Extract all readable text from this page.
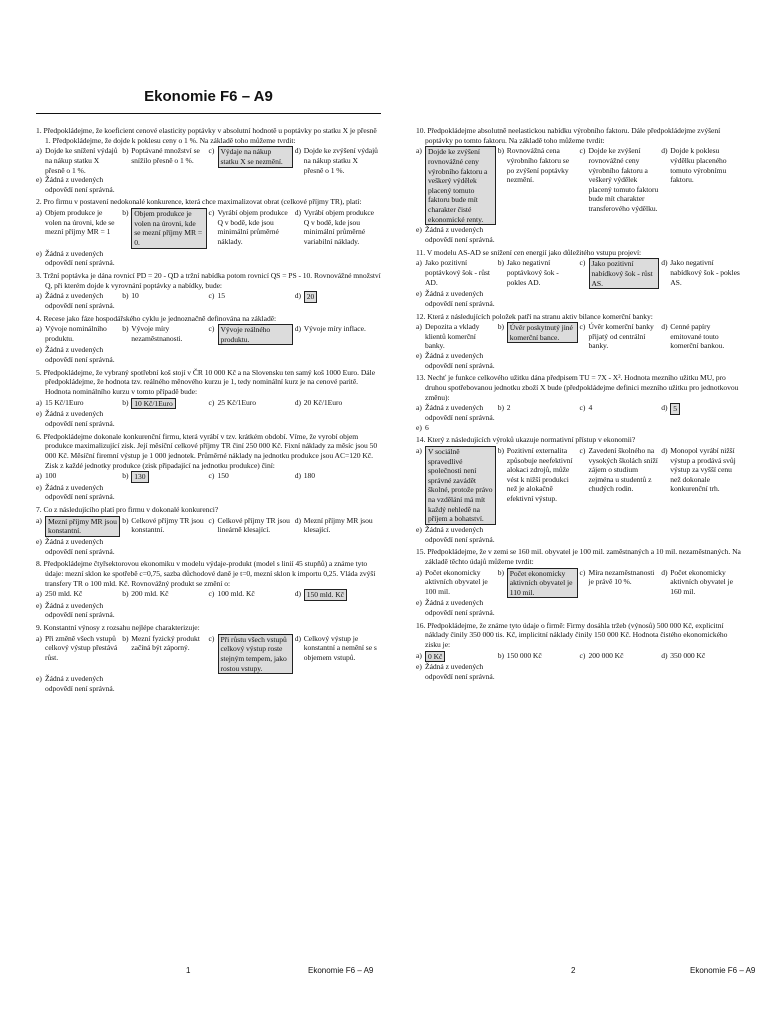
Ekonomie F6 – A9
1. Předpokládejme, že koeficient cenové elasticity poptávky v absolutní hodnotě u poptávky po statku X je přesně 1. Předpokládejme, že dojde k poklesu ceny o 1 %. Na základě toho můžeme tvrdit:
a) Dojde ke snížení výdajů na nákup statku X přesně o 1 %.
b) Poptávané množství se snížilo přesně o 1 %.
c) Výdaje na nákup statku X se nezmění.
d) Dojde ke zvýšení výdajů na nákup statku X přesně o 1 %.
e) Žádná z uvedených odpovědí není správná.
2. Pro firmu v postavení nedokonalé konkurence, která chce maximalizovat obrat (celkové příjmy TR), platí:
a) Objem produkce je volen na úrovni, kde se mezní příjmy MR = 1
b) Objem produkce je volen na úrovni, kde se mezní příjmy MR = 0.
c) Vyrábí objem produkce Q v bodě, kde jsou minimální průměrné náklady.
d) Vyrábí objem produkce Q v bodě, kde jsou minimální průměrné variabilní náklady.
e) Žádná z uvedených odpovědí není správná.
3. Tržní poptávka je dána rovnicí PD = 20 - QD a tržní nabídka potom rovnicí QS = PS - 10. Rovnovážné množství Q, při kterém dojde k vyrovnání poptávky a nabídky, bude:
a) Žádná z uvedených odpovědí není správná.
b) 10	c) 15	d) 20
4. Recese jako fáze hospodářského cyklu je jednoznačně definována na základě:
a) Vývoje nominálního produktu.
b) Vývoje míry nezaměstnanosti.
c) Vývoje reálného produktu.
d) Vývoje míry inflace.
e) Žádná z uvedených odpovědí není správná.
5. Předpokládejme, že vybraný spotřební koš stojí v ČR 10 000 Kč a na Slovensku ten samý koš 1000 Euro. Dále předpokládejme, že hodnota tzv. reálného měnového kurzu je 1, tedy nominální kurz je na cenové paritě. Hodnota nominálního kurzu v tomto případě bude:
a) 15 Kč/1Euro	b) 10 Kč/1Euro	c) 25 Kč/1Euro	d) 20 Kč/1Euro
e) Žádná z uvedených odpovědí není správná.
6. Předpokládejme dokonale konkurenční firmu, která vyrábí v tzv. krátkém období. Víme, že vyrobí objem produkce maximalizující zisk. Její měsíční celkové příjmy TR činí 250 000 Kč. Fixní náklady za měsíc jsou 50 000 Kč. Měsíční firemní výstup je 1 000 jednotek. Průměrné náklady na jednotku produkce jsou AC=120 Kč. Zisk z každé jednotky produkce (zisk připadající na jednotku produkce) činí:
a) 100	b) 130	c) 150	d) 180
e) Žádná z uvedených odpovědí není správná.
7. Co z následujícího platí pro firmu v dokonalé konkurenci?
a) Mezní příjmy MR jsou konstantní.
b) Celkové příjmy TR jsou konstantní.
c) Celkové příjmy TR jsou lineárně klesající.
d) Mezní příjmy MR jsou klesající.
e) Žádná z uvedených odpovědí není správná.
8. Předpokládejme čtyřsektorovou ekonomiku v modelu výdaje-produkt (model s linií 45 stupňů) a známe tyto údaje: mezní sklon ke spotřebě c=0,75, sazba důchodové daně je t=0, mezní sklon k importu 0,25. Vláda zvýší transfery TR o 100 mld. Kč. Rovnovážný produkt se změní o:
a) 250 mld. Kč	b) 200 mld. Kč	c) 100 mld. Kč	d) 150 mld. Kč
e) Žádná z uvedených odpovědí není správná.
9. Konstantní výnosy z rozsahu nejlépe charakterizuje:
a) Při změně všech vstupů celkový výstup přestává růst.
b) Mezní fyzický produkt začíná být záporný.
c) Při růstu všech vstupů celkový výstup roste stejným tempem, jako rostou vstupy.
d) Celkový výstup je konstantní a nemění se s objemem vstupů.
e) Žádná z uvedených odpovědí není správná.
10. Předpokládejme absolutně neelastickou nabídku výrobního faktoru. Dále předpokládejme zvýšení poptávky po tomto faktoru. Na základě toho můžeme tvrdit:
a) Dojde ke zvýšení rovnovážné ceny výrobního faktoru a veškerý výdělek placený tomuto faktoru bude mít charakter čisté ekonomické renty.
b) Rovnovážná cena výrobního faktoru se po zvýšení poptávky nezmění.
c) Dojde ke zvýšení rovnovážné ceny výrobního faktoru a veškerý výdělek placený tomuto faktoru bude mít charakter transferového výdělku.
d) Dojde k poklesu výdělku placeného tomuto výrobnímu faktoru.
e) Žádná z uvedených odpovědí není správná.
11. V modelu AS-AD se snížení cen energií jako důležitého vstupu projeví:
a) Jako pozitivní poptávkový šok - růst AD.
b) Jako negativní poptávkový šok - pokles AD.
c) Jako pozitivní nabídkový šok - růst AS.
d) Jako negativní nabídkový šok - pokles AS.
e) Žádná z uvedených odpovědí není správná.
12. Která z následujících položek patří na stranu aktiv bilance komerční banky:
a) Depozita a vklady klientů komerční banky.
b) Úvěr poskytnutý jiné komerční bance.
c) Úvěr komerční banky přijatý od centrální banky.
d) Cenné papíry emitované touto komerční bankou.
e) Žádná z uvedených odpovědí není správná.
13. Nechť je funkce celkového užitku dána předpisem TU = 7X - X². Hodnota mezního užitku MU, pro druhou spotřebovanou jednotku zboží X bude (předpokládejme definici mezního užitku pro jednotkovou změnu):
a) Žádná z uvedených odpovědí není správná.
b) 2	c) 4	d) 5
e) 6
14. Který z následujících výroků ukazuje normativní přístup v ekonomii?
a) V sociálně spravedlivé společnosti není správné zavádět školné, protože právo na vzdělání má mít každý nehledě na příjem a bohatství.
b) Pozitivní externalita způsobuje neefektivní alokaci zdrojů, může vést k nižší produkci než je alokačně efektivní výstup.
c) Zavedení školného na vysokých školách sníží zájem o studium zejména u studentů z chudých rodin.
d) Monopol vyrábí nižší výstup a prodává svůj výstup za vyšší cenu než dokonale konkurenční trh.
e) Žádná z uvedených odpovědí není správná.
15. Předpokládejme, že v zemi se 160 mil. obyvatel je 100 mil. zaměstnaných a 10 mil. nezaměstnaných. Na základě těchto údajů můžeme tvrdit:
a) Počet ekonomicky aktivních obyvatel je 100 mil.
b) Počet ekonomicky aktivních obyvatel je 110 mil.
c) Míra nezaměstnanosti je právě 10 %.
d) Počet ekonomicky aktivních obyvatel je 160 mil.
e) Žádná z uvedených odpovědí není správná.
16. Předpokládejme, že známe tyto údaje o firmě: Firmy dosáhla tržeb (výnosů) 500 000 Kč, explicitní náklady činily 350 000 tis. Kč, implicitní náklady činily 150 000 Kč. Hodnota čistého ekonomického zisku je:
a) 0 Kč	b) 150 000 Kč	c) 200 000 Kč	d) 350 000 Kč
e) Žádná z uvedených odpovědí není správná.
1	Ekonomie F6 – A9	2	Ekonomie F6 – A9
